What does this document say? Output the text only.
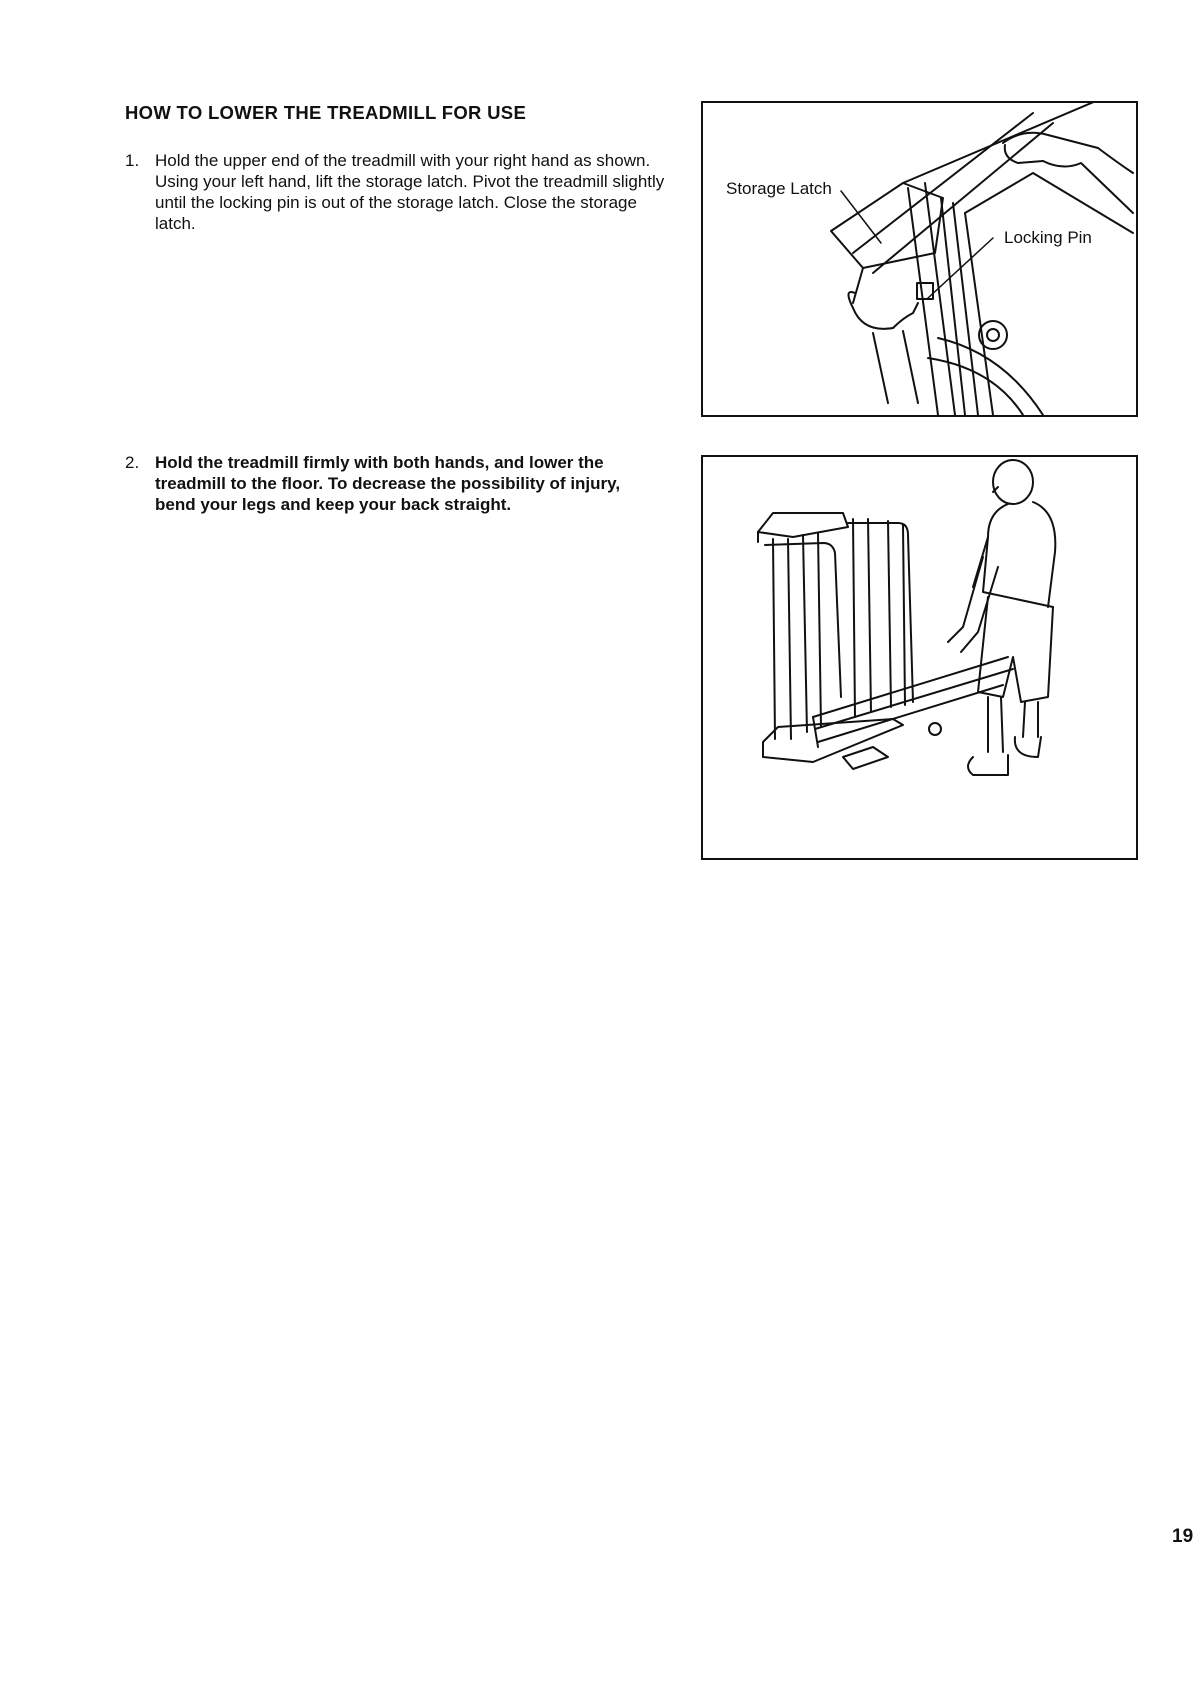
HOW TO LOWER THE TREADMILL FOR USE
1. Hold the upper end of the treadmill with your right hand as shown. Using your left hand, lift the storage latch. Pivot the treadmill slightly until the locking pin is out of the storage latch. Close the storage latch.
2. Hold the treadmill firmly with both hands, and lower the treadmill to the floor. To decrease the possibility of injury, bend your legs and keep your back straight.
Storage Latch
Locking Pin
19
